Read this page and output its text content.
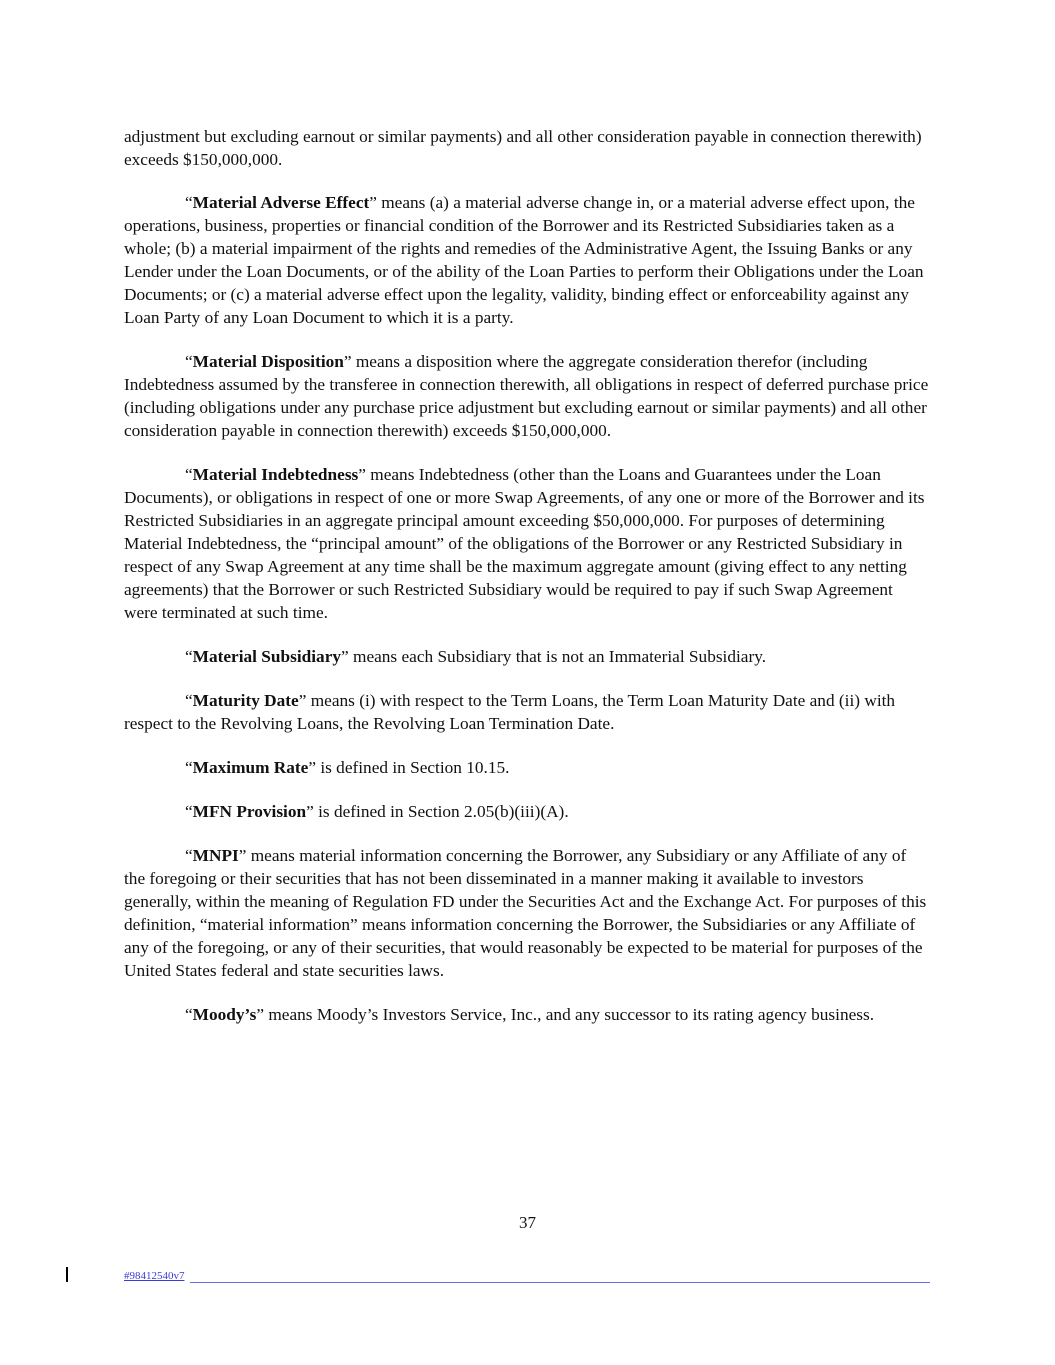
adjustment but excluding earnout or similar payments) and all other consideration payable in connection therewith) exceeds $150,000,000.

“Material Adverse Effect” means (a) a material adverse change in, or a material adverse effect upon, the operations, business, properties or financial condition of the Borrower and its Restricted Subsidiaries taken as a whole; (b) a material impairment of the rights and remedies of the Administrative Agent, the Issuing Banks or any Lender under the Loan Documents, or of the ability of the Loan Parties to perform their Obligations under the Loan Documents; or (c) a material adverse effect upon the legality, validity, binding effect or enforceability against any Loan Party of any Loan Document to which it is a party.

“Material Disposition” means a disposition where the aggregate consideration therefor (including Indebtedness assumed by the transferee in connection therewith, all obligations in respect of deferred purchase price (including obligations under any purchase price adjustment but excluding earnout or similar payments) and all other consideration payable in connection therewith) exceeds $150,000,000.

“Material Indebtedness” means Indebtedness (other than the Loans and Guarantees under the Loan Documents), or obligations in respect of one or more Swap Agreements, of any one or more of the Borrower and its Restricted Subsidiaries in an aggregate principal amount exceeding $50,000,000. For purposes of determining Material Indebtedness, the “principal amount” of the obligations of the Borrower or any Restricted Subsidiary in respect of any Swap Agreement at any time shall be the maximum aggregate amount (giving effect to any netting agreements) that the Borrower or such Restricted Subsidiary would be required to pay if such Swap Agreement were terminated at such time.

“Material Subsidiary” means each Subsidiary that is not an Immaterial Subsidiary.

“Maturity Date” means (i) with respect to the Term Loans, the Term Loan Maturity Date and (ii) with respect to the Revolving Loans, the Revolving Loan Termination Date.

“Maximum Rate” is defined in Section 10.15.

“MFN Provision” is defined in Section 2.05(b)(iii)(A).

“MNPI” means material information concerning the Borrower, any Subsidiary or any Affiliate of any of the foregoing or their securities that has not been disseminated in a manner making it available to investors generally, within the meaning of Regulation FD under the Securities Act and the Exchange Act. For purposes of this definition, “material information” means information concerning the Borrower, the Subsidiaries or any Affiliate of any of the foregoing, or any of their securities, that would reasonably be expected to be material for purposes of the United States federal and state securities laws.

“Moody’s” means Moody’s Investors Service, Inc., and any successor to its rating agency business.

37
#98412540v7
